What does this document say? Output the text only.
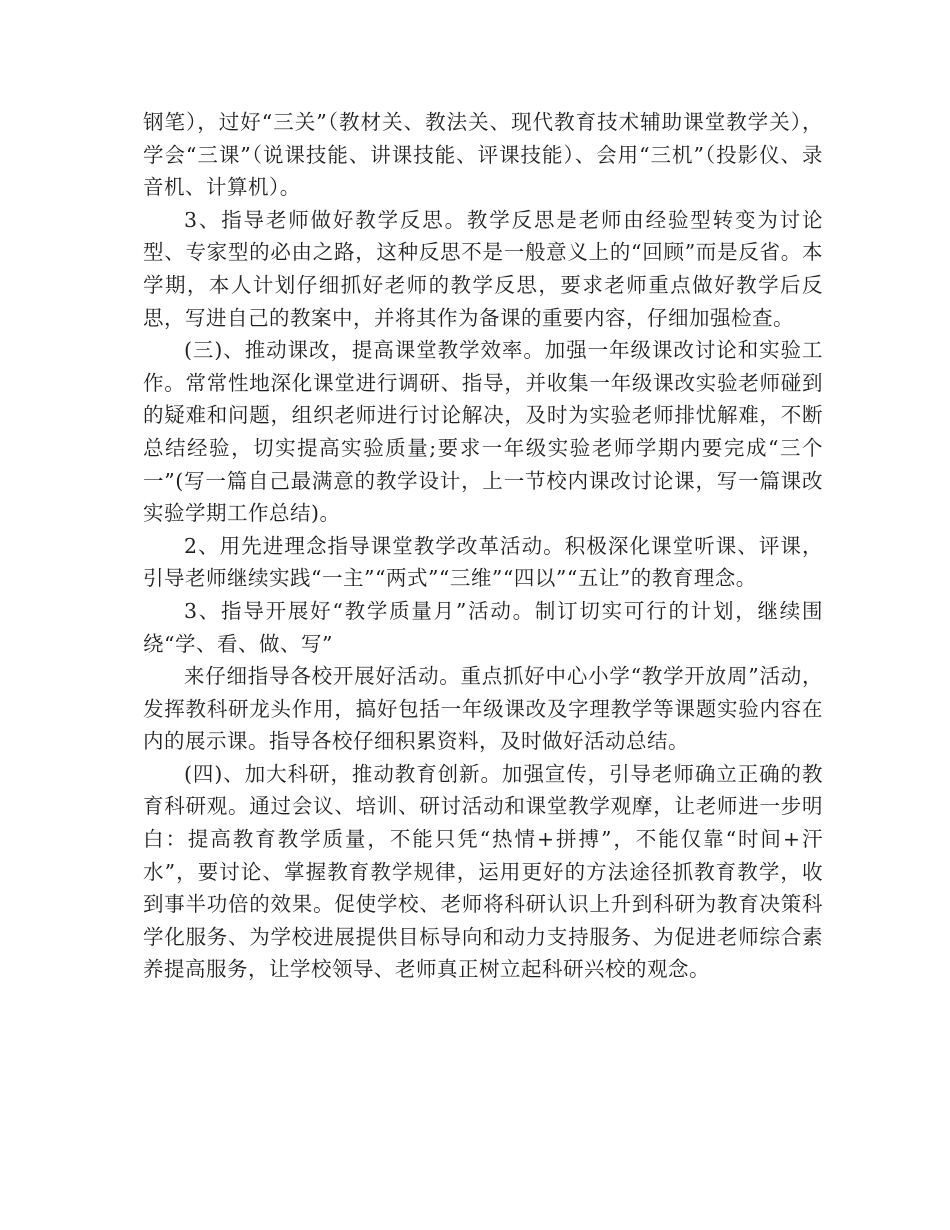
钢笔），过好“三关”（教材关、教法关、现代教育技术辅助课堂教学关），学会“三课”（说课技能、讲课技能、评课技能）、会用“三机”（投影仪、录音机、计算机）。

3、指导老师做好教学反思。教学反思是老师由经验型转变为讨论型、专家型的必由之路，这种反思不是一般意义上的“回顾”而是反省。本学期，本人计划仔细抓好老师的教学反思，要求老师重点做好教学后反思，写进自己的教案中，并将其作为备课的重要内容，仔细加强检查。

(三)、推动课改，提高课堂教学效率。加强一年级课改讨论和实验工作。常常性地深化课堂进行调研、指导，并收集一年级课改实验老师碰到的疑难和问题，组织老师进行讨论解决，及时为实验老师排忧解难，不断总结经验，切实提高实验质量;要求一年级实验老师学期内要完成“三个一”(写一篇自己最满意的教学设计，上一节校内课改讨论课，写一篇课改实验学期工作总结)。

2、用先进理念指导课堂教学改革活动。积极深化课堂听课、评课，引导老师继续实践“一主”“两式”“三维”“四以”“五让”的教育理念。

3、指导开展好“教学质量月”活动。制订切实可行的计划，继续围绕“学、看、做、写”

来仔细指导各校开展好活动。重点抓好中心小学“教学开放周”活动，发挥教科研龙头作用，搞好包括一年级课改及字理教学等课题实验内容在内的展示课。指导各校仔细积累资料，及时做好活动总结。

(四)、加大科研，推动教育创新。加强宣传，引导老师确立正确的教育科研观。通过会议、培训、研讨活动和课堂教学观摩，让老师进一步明白：提高教育教学质量，不能只凭“热情+拼搏”，不能仅靠“时间+汗水”，要讨论、掌握教育教学规律，运用更好的方法途径抓教育教学，收到事半功倍的效果。促使学校、老师将科研认识上升到科研为教育决策科学化服务、为学校进展提供目标导向和动力支持服务、为促进老师综合素养提高服务，让学校领导、老师真正树立起科研兴校的观念。
